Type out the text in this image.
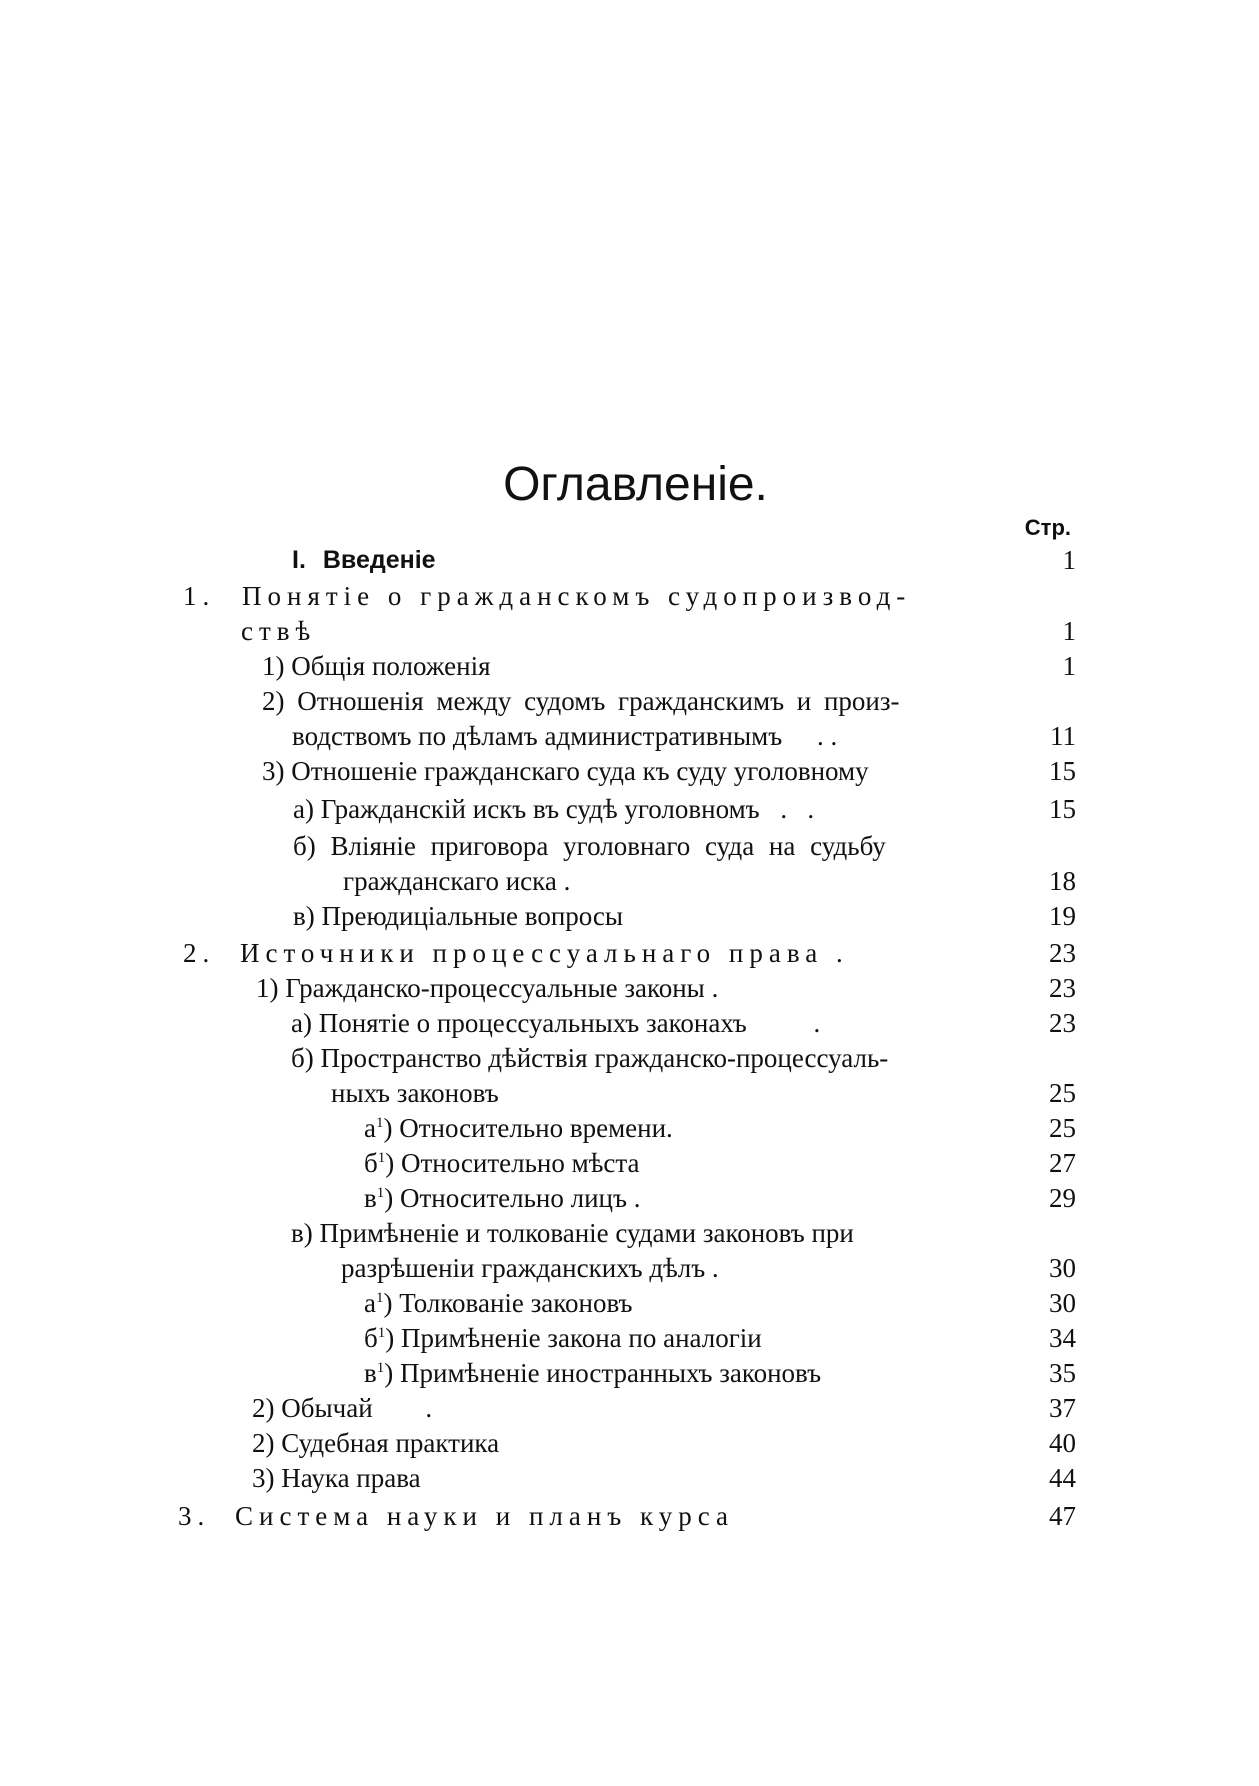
Оглавленіе.
Стр.
I. Введеніе	1
1. Понятіе о гражданскомъ судопроизвод-
ствѣ	1
1) Общія положенія	1
2) Отношенія между судомъ гражданскимъ и произ-
водствомъ по дѣламъ административнымъ . .	11
3) Отношеніе гражданскаго суда къ суду уголовному	15
а) Гражданскій искъ въ судѣ уголовномъ .   .	15
б) Вліяніе приговора уголовнаго суда на судьбу
гражданскаго иска .	18
в) Преюдиціальные вопросы	19
2. Источники процессуальнаго права .	23
1) Гражданско-процессуальные законы .	23
а) Понятіе о процессуальныхъ законахъ .	23
б) Пространство дѣйствія гражданско-процессуаль-
ныхъ законовъ	25
$а^1$) Относительно времени.	25
$б^1$) Относительно мѣста	27
$в^1$) Относительно лицъ .	29
в) Примѣненіе и толкованіе судами законовъ при
разрѣшеніи гражданскихъ дѣлъ .	30
$а^1$) Толкованіе законовъ	30
$б^1$) Примѣненіе закона по аналогіи	34
$в^1$) Примѣненіе иностранныхъ законовъ	35
2) Обычай .	37
2) Судебная практика	40
3) Наука права	44
3. Система науки и планъ курса	47
